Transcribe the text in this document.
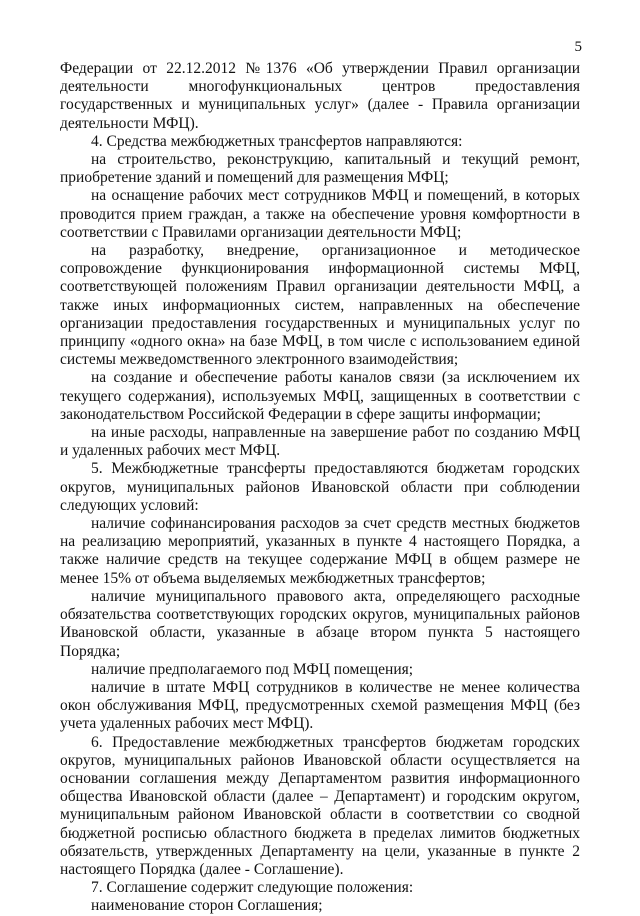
5

Федерации от 22.12.2012 №1376 «Об утверждении Правил организации деятельности многофункциональных центров предоставления государственных и муниципальных услуг» (далее - Правила организации деятельности МФЦ).

4. Средства межбюджетных трансфертов направляются:

на строительство, реконструкцию, капитальный и текущий ремонт, приобретение зданий и помещений для размещения МФЦ;

на оснащение рабочих мест сотрудников МФЦ и помещений, в которых проводится прием граждан, а также на обеспечение уровня комфортности в соответствии с Правилами организации деятельности МФЦ;

на разработку, внедрение, организационное и методическое сопровождение функционирования информационной системы МФЦ, соответствующей положениям Правил организации деятельности МФЦ, а также иных информационных систем, направленных на обеспечение организации предоставления государственных и муниципальных услуг по принципу «одного окна» на базе МФЦ, в том числе с использованием единой системы межведомственного электронного взаимодействия;

на создание и обеспечение работы каналов связи (за исключением их текущего содержания), используемых МФЦ, защищенных в соответствии с законодательством Российской Федерации в сфере защиты информации;

на иные расходы, направленные на завершение работ по созданию МФЦ и удаленных рабочих мест МФЦ.

5. Межбюджетные трансферты предоставляются бюджетам городских округов, муниципальных районов Ивановской области при соблюдении следующих условий:

наличие софинансирования расходов за счет средств местных бюджетов на реализацию мероприятий, указанных в пункте 4 настоящего Порядка, а также наличие средств на текущее содержание МФЦ в общем размере не менее 15% от объема выделяемых межбюджетных трансфертов;

наличие муниципального правового акта, определяющего расходные обязательства соответствующих городских округов, муниципальных районов Ивановской области, указанные в абзаце втором пункта 5 настоящего Порядка;

наличие предполагаемого под МФЦ помещения;

наличие в штате МФЦ сотрудников в количестве не менее количества окон обслуживания МФЦ, предусмотренных схемой размещения МФЦ (без учета удаленных рабочих мест МФЦ).

6. Предоставление межбюджетных трансфертов бюджетам городских округов, муниципальных районов Ивановской области осуществляется на основании соглашения между Департаментом развития информационного общества Ивановской области (далее – Департамент) и городским округом, муниципальным районом Ивановской области в соответствии со сводной бюджетной росписью областного бюджета в пределах лимитов бюджетных обязательств, утвержденных Департаменту на цели, указанные в пункте 2 настоящего Порядка (далее - Соглашение).

7. Соглашение содержит следующие положения:

наименование сторон Соглашения;
